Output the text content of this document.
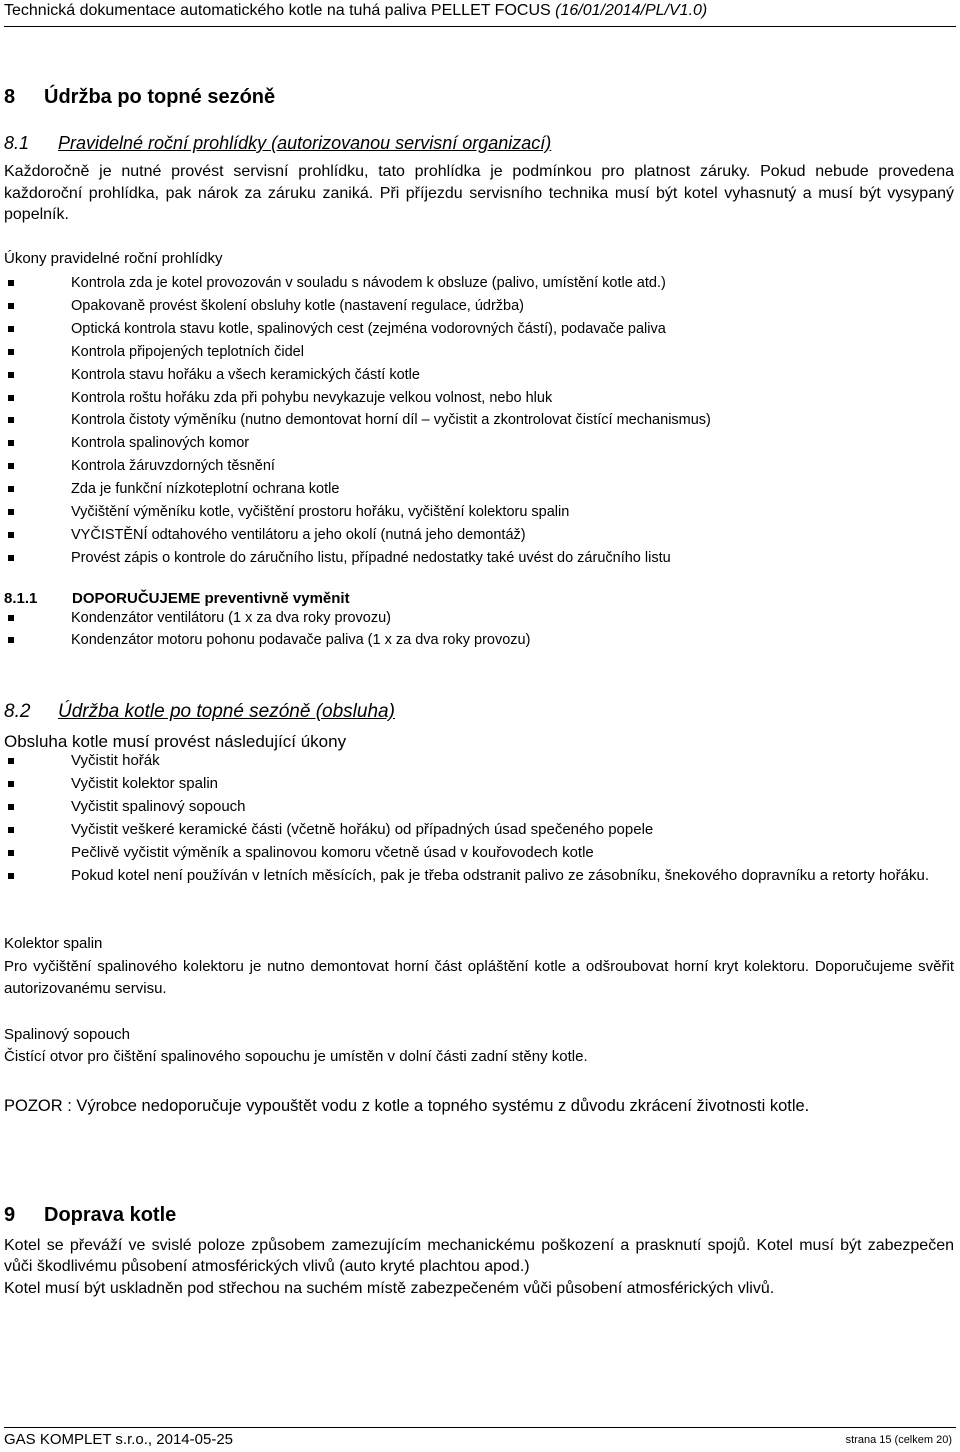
Technická dokumentace automatického kotle na tuhá paliva PELLET FOCUS (16/01/2014/PL/V1.0)
8 Údržba po topné sezóně
8.1 Pravidelné roční prohlídky (autorizovanou servisní organizací)
Každoročně je nutné provést servisní prohlídku, tato prohlídka je podmínkou pro platnost záruky. Pokud nebude provedena každoroční prohlídka, pak nárok za záruku zaniká. Při příjezdu servisního technika musí být kotel vyhasnutý a musí být vysypaný popelník.
Úkony pravidelné roční prohlídky
Kontrola zda je kotel provozován v souladu s návodem k obsluze (palivo, umístění kotle atd.)
Opakovaně provést školení obsluhy kotle (nastavení regulace, údržba)
Optická kontrola stavu kotle, spalinových cest (zejména vodorovných částí), podavače paliva
Kontrola připojených teplotních čidel
Kontrola stavu hořáku a všech keramických částí kotle
Kontrola roštu hořáku zda při pohybu nevykazuje velkou volnost, nebo hluk
Kontrola čistoty výměníku (nutno demontovat horní díl – vyčistit a zkontrolovat čistící mechanismus)
Kontrola spalinových komor
Kontrola žáruvzdorných těsnění
Zda je funkční nízkoteplotní ochrana kotle
Vyčištění výměníku kotle, vyčištění prostoru hořáku, vyčištění kolektoru spalin
VYČISTĚNÍ odtahového ventilátoru a jeho okolí (nutná jeho demontáž)
Provést zápis o kontrole do záručního listu, případné nedostatky také uvést do záručního listu
8.1.1 DOPORUČUJEME preventivně vyměnit
Kondenzátor ventilátoru (1 x za dva roky provozu)
Kondenzátor motoru pohonu podavače paliva (1 x za dva roky provozu)
8.2 Údržba kotle po topné sezóně (obsluha)
Obsluha kotle musí provést následující úkony
Vyčistit hořák
Vyčistit kolektor spalin
Vyčistit spalinový sopouch
Vyčistit veškeré keramické části (včetně hořáku) od případných úsad spečeného popele
Pečlivě vyčistit výměník a spalinovou komoru včetně úsad v kouřovodech kotle
Pokud kotel není používán v letních měsících, pak je třeba odstranit palivo ze zásobníku, šnekového dopravníku a retorty hořáku.
Kolektor spalin
Pro vyčištění spalinového kolektoru je nutno demontovat horní část opláštění kotle a odšroubovat horní kryt kolektoru. Doporučujeme svěřit autorizovanému servisu.
Spalinový sopouch
Čistící otvor pro čištění spalinového sopouchu je umístěn v dolní části zadní stěny kotle.
POZOR : Výrobce nedoporučuje vypouštět vodu z kotle a topného systému z důvodu zkrácení životnosti kotle.
9 Doprava kotle
Kotel se převáží ve svislé poloze způsobem zamezujícím mechanickému poškození a prasknutí spojů. Kotel musí být zabezpečen vůči škodlivému působení atmosférických vlivů (auto kryté plachtou apod.)
Kotel musí být uskladněn pod střechou na suchém místě zabezpečeném vůči působení atmosférických vlivů.
GAS KOMPLET s.r.o., 2014-05-25	strana 15 (celkem 20)
